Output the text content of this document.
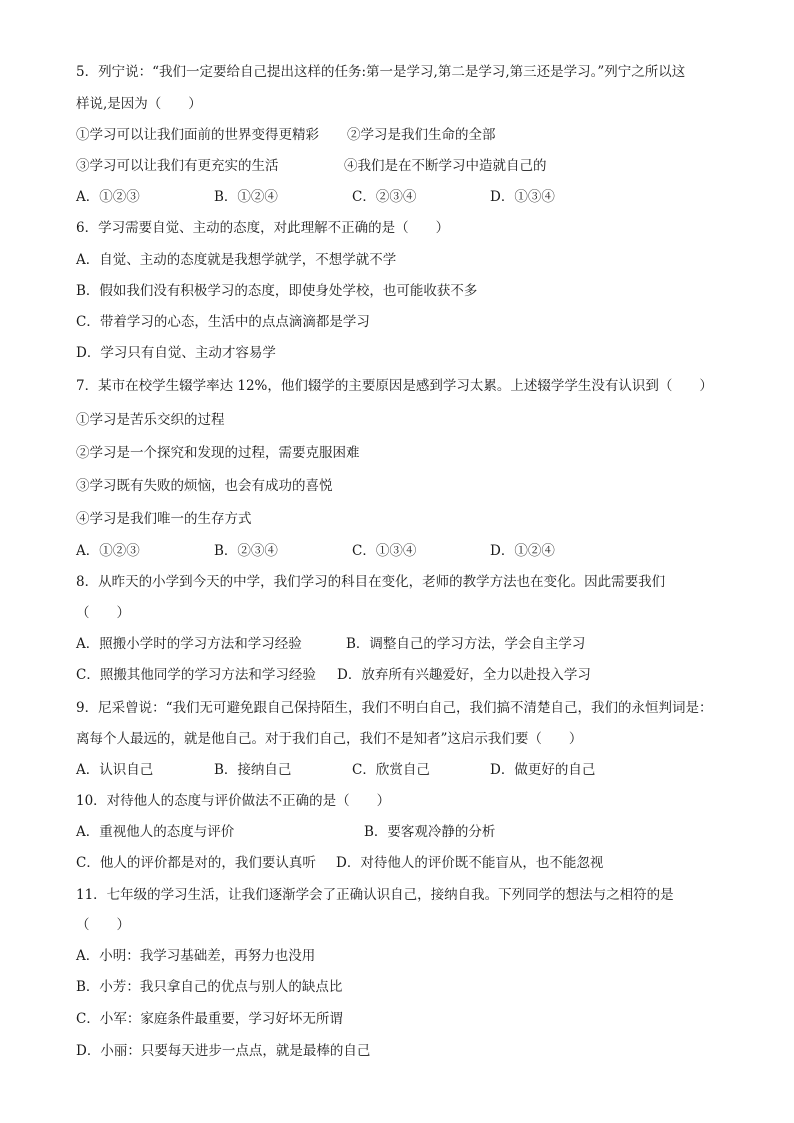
5．列宁说：“我们一定要给自己提出这样的任务:第一是学习,第二是学习,第三还是学习。”列宁之所以这
样说,是因为（　　）
①学习可以让我们面前的世界变得更精彩 ②学习是我们生命的全部
③学习可以让我们有更充实的生活	④我们是在不断学习中造就自己的
A．①②③	B．①②④	C．②③④	D．①③④
6．学习需要自觉、主动的态度，对此理解不正确的是（　　）
A．自觉、主动的态度就是我想学就学，不想学就不学
B．假如我们没有积极学习的态度，即使身处学校，也可能收获不多
C．带着学习的心态，生活中的点点滴滴都是学习
D．学习只有自觉、主动才容易学
7．某市在校学生辍学率达 12%，他们辍学的主要原因是感到学习太累。上述辍学学生没有认识到（　　）
①学习是苦乐交织的过程
②学习是一个探究和发现的过程，需要克服困难
③学习既有失败的烦恼，也会有成功的喜悦
④学习是我们唯一的生存方式
A．①②③	B．②③④	C．①③④	D．①②④
8．从昨天的小学到今天的中学，我们学习的科目在变化，老师的教学方法也在变化。因此需要我们
（　　）
A．照搬小学时的学习方法和学习经验	B．调整自己的学习方法，学会自主学习
C．照搬其他同学的学习方法和学习经验 D．放弃所有兴趣爱好，全力以赴投入学习
9．尼采曾说：“我们无可避免跟自己保持陌生，我们不明白自己，我们搞不清楚自己，我们的永恒判词是：
离每个人最远的，就是他自己。对于我们自己，我们不是知者”这启示我们要（　　）
A．认识自己	B．接纳自己	C．欣赏自己	D．做更好的自己
10．对待他人的态度与评价做法不正确的是（　　）
A．重视他人的态度与评价	B．要客观冷静的分析
C．他人的评价都是对的，我们要认真听 D．对待他人的评价既不能盲从，也不能忽视
11．七年级的学习生活，让我们逐渐学会了正确认识自己，接纳自我。下列同学的想法与之相符的是
（　　）
A．小明：我学习基础差，再努力也没用
B．小芳：我只拿自己的优点与别人的缺点比
C．小军：家庭条件最重要，学习好坏无所谓
D．小丽：只要每天进步一点点，就是最棒的自己
